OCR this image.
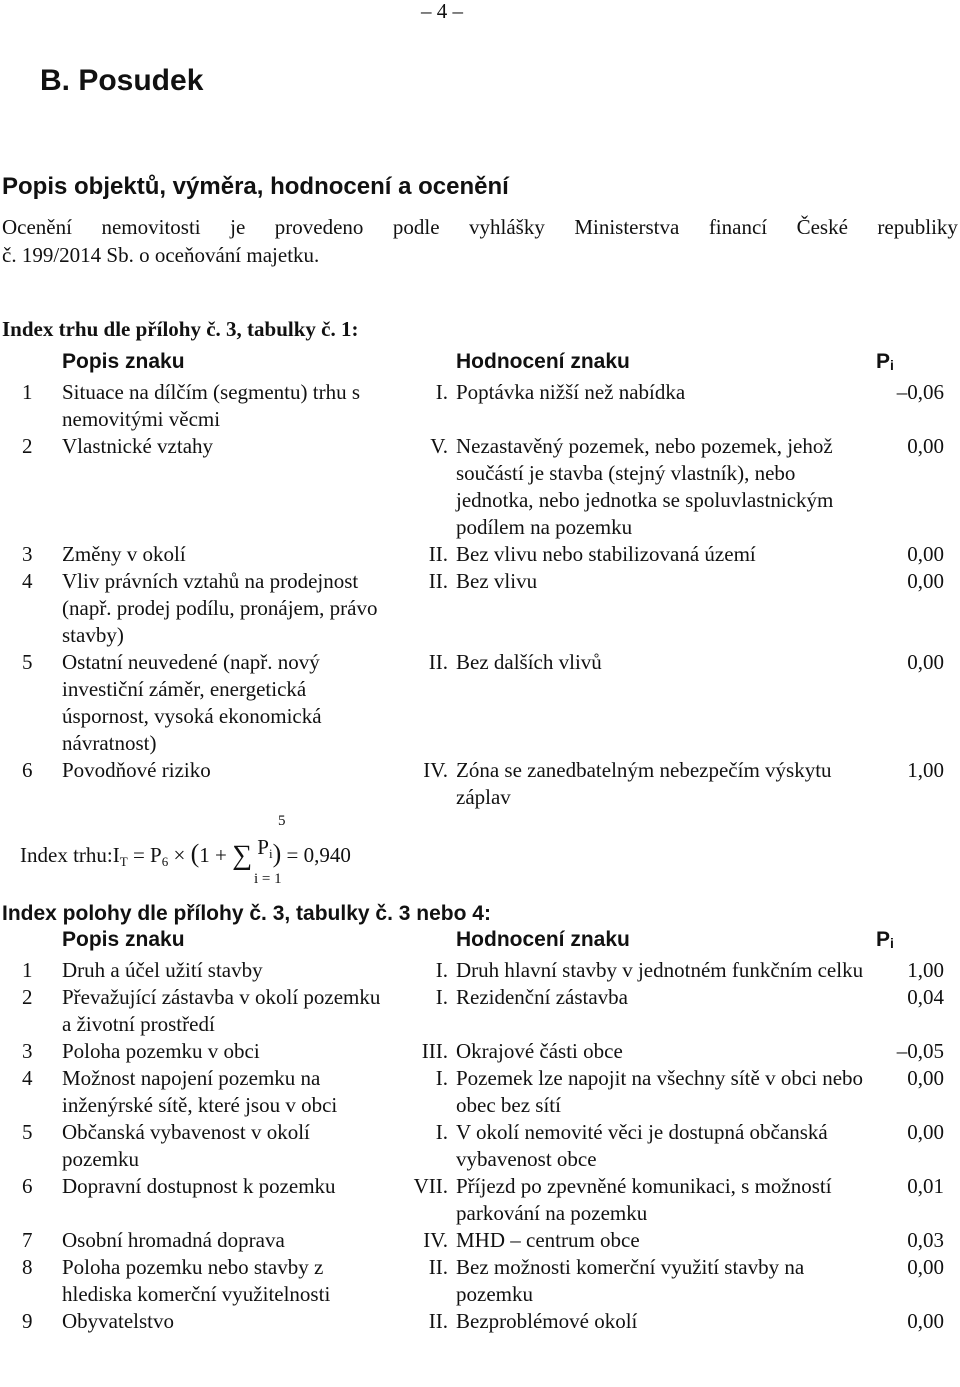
– 4 –
B. Posudek
Popis objektů, výměra, hodnocení a ocenění
Ocenění nemovitosti je provedeno podle vyhlášky Ministerstva financí České republiky
č. 199/2014 Sb. o oceňování majetku.
Index trhu dle přílohy č. 3, tabulky č. 1:
	Popis znaku		Hodnocení znaku	Pi
1	Situace na dílčím (segmentu) trhu s nemovitými věcmi	I.	Poptávka nižší než nabídka	–0,06
2	Vlastnické vztahy	V.	Nezastavěný pozemek, nebo pozemek, jehož součástí je stavba (stejný vlastník), nebo jednotka, nebo jednotka se spoluvlastnickým podílem na pozemku	0,00
3	Změny v okolí	II.	Bez vlivu nebo stabilizovaná území	0,00
4	Vliv právních vztahů na prodejnost (např. prodej podílu, pronájem, právo stavby)	II.	Bez vlivu	0,00
5	Ostatní neuvedené (např. nový investiční záměr, energetická úspornost, vysoká ekonomická návratnost)	II.	Bez dalších vlivů	0,00
6	Povodňové riziko	IV.	Zóna se zanedbatelným nebezpečím výskytu záplav	1,00
5
Index trhu:IT = P6 × (1 + ∑ Pi) = 0,940
i = 1
Index polohy dle přílohy č. 3, tabulky č. 3 nebo 4:
	Popis znaku		Hodnocení znaku	Pi
1	Druh a účel užití stavby	I.	Druh hlavní stavby v jednotném funkčním celku	1,00
2	Převažující zástavba v okolí pozemku a životní prostředí	I.	Rezidenční zástavba	0,04
3	Poloha pozemku v obci	III.	Okrajové části obce	–0,05
4	Možnost napojení pozemku na inženýrské sítě, které jsou v obci	I.	Pozemek lze napojit na všechny sítě v obci nebo obec bez sítí	0,00
5	Občanská vybavenost v okolí pozemku	I.	V okolí nemovité věci je dostupná občanská vybavenost obce	0,00
6	Dopravní dostupnost k pozemku	VII.	Příjezd po zpevněné komunikaci, s možností parkování na pozemku	0,01
7	Osobní hromadná doprava	IV.	MHD – centrum obce	0,03
8	Poloha pozemku nebo stavby z hlediska komerční využitelnosti	II.	Bez možnosti komerční využití stavby na pozemku	0,00
9	Obyvatelstvo	II.	Bezproblémové okolí	0,00
